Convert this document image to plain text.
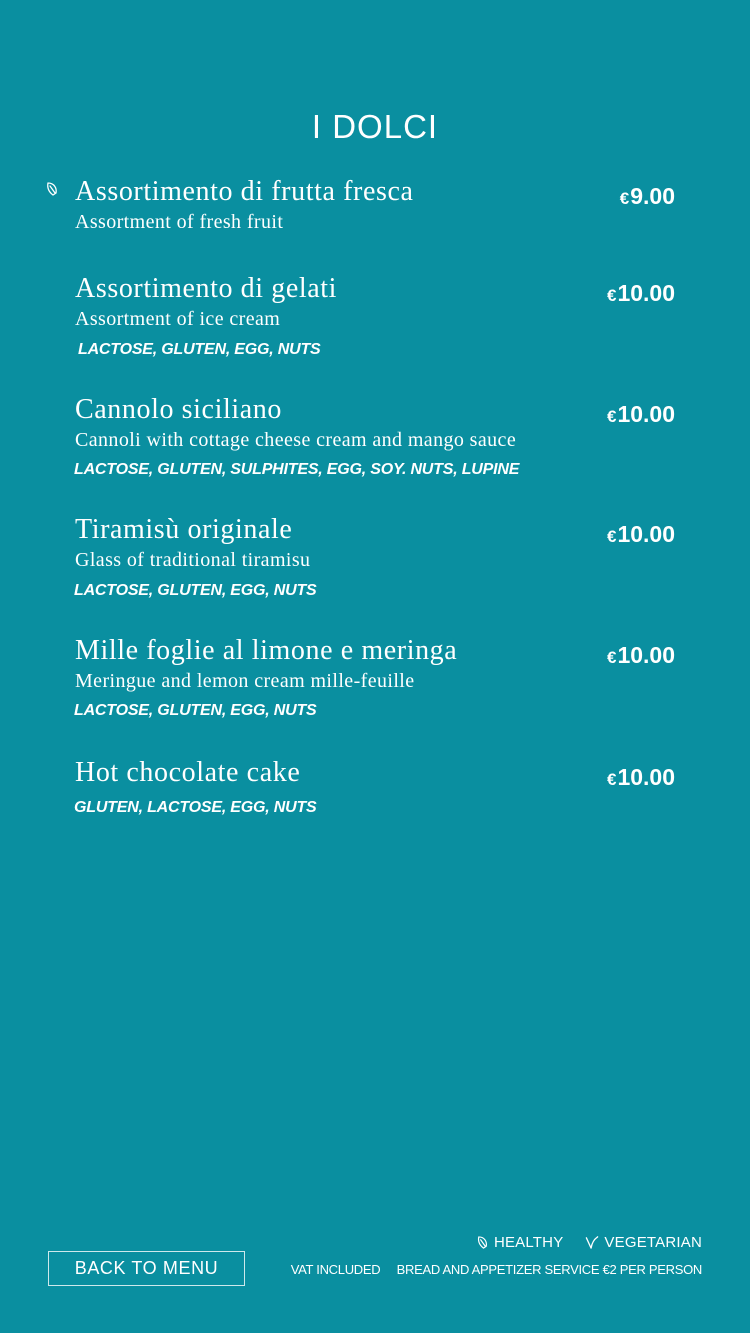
I DOLCI
Assortimento di frutta fresca
Assortment of fresh fruit
€9.00
Assortimento di gelati
Assortment of ice cream
LACTOSE, GLUTEN, EGG, NUTS
€10.00
Cannolo siciliano
Cannoli with cottage cheese cream and mango sauce
LACTOSE, GLUTEN, SULPHITES, EGG, SOY. NUTS, LUPINE
€10.00
Tiramisù originale
Glass of traditional tiramisu
LACTOSE, GLUTEN, EGG, NUTS
€10.00
Mille foglie al limone e meringa
Meringue and lemon cream mille-feuille
LACTOSE, GLUTEN, EGG, NUTS
€10.00
Hot chocolate cake
GLUTEN, LACTOSE, EGG, NUTS
€10.00
BACK TO MENU
HEALTHY	VEGETARIAN
VAT INCLUDED BREAD AND APPETIZER SERVICE €2 PER PERSON
